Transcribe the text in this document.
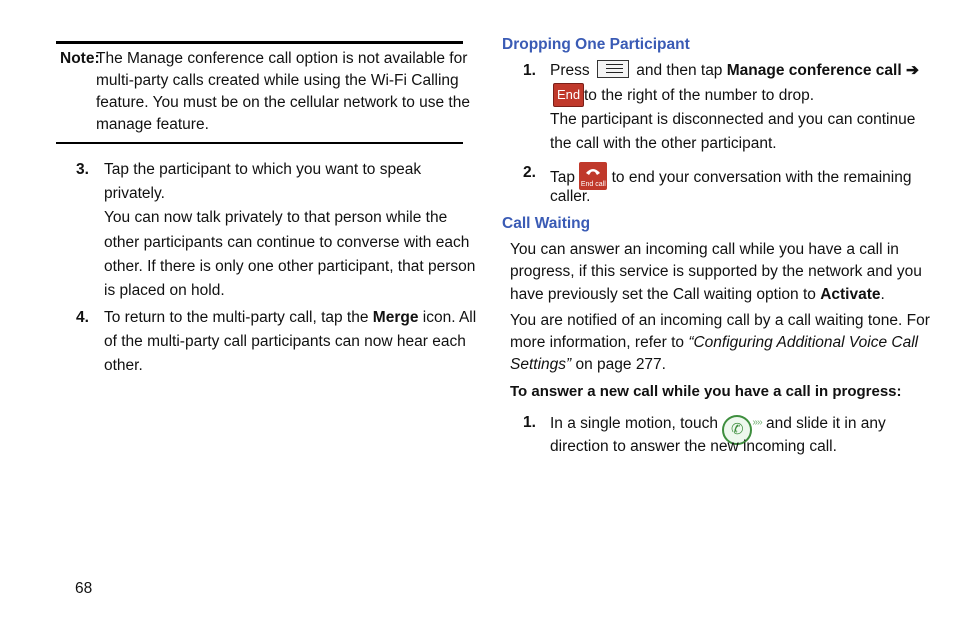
Note:
The Manage conference call option is not available for
multi-party calls created while using the Wi-Fi Calling
feature. You must be on the cellular network to use the
manage feature.
3. Tap the participant to which you want to speak
privately.
You can now talk privately to that person while the
other participants can continue to converse with each
other. If there is only one other participant, that person
is placed on hold.
4. To return to the multi-party call, tap the Merge icon. All
of the multi-party call participants can now hear each
other.
Dropping One Participant
1. Press	and then tap Manage conference call ➔
End to the right of the number to drop.
The participant is disconnected and you can continue
the call with the other participant.
2. Tap End call to end your conversation with the remaining
caller.
Call Waiting
You can answer an incoming call while you have a call in
progress, if this service is supported by the network and you
have previously set the Call waiting option to Activate.
You are notified of an incoming call by a call waiting tone. For
more information, refer to “Configuring Additional Voice Call
Settings” on page 277.
To answer a new call while you have a call in progress:
1. In a single motion, touch ✆ ›››› and slide it in any
direction to answer the new incoming call.
68
